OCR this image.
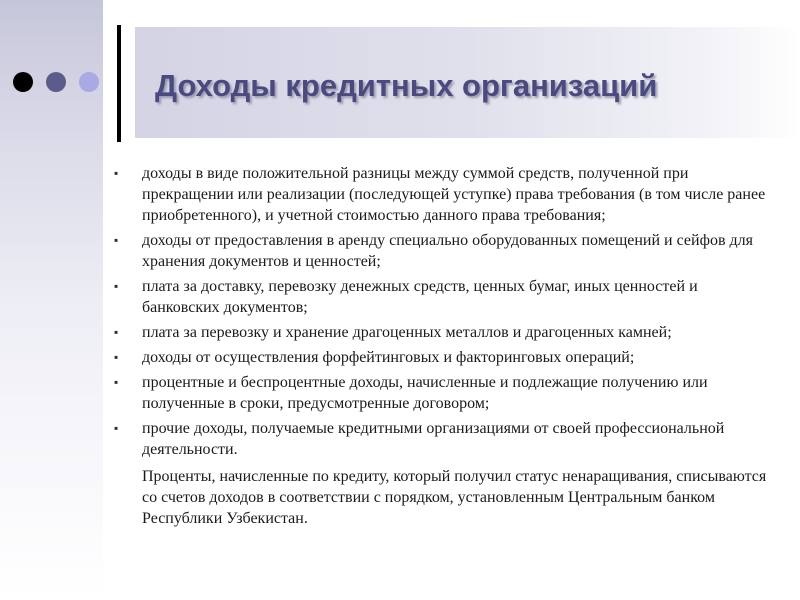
Доходы кредитных организаций
▪ доходы в виде положительной разницы между суммой средств, полученной при прекращении или реализации (последующей уступке) права требования (в том числе ранее приобретенного), и учетной стоимостью данного права требования;
▪ доходы от предоставления в аренду специально оборудованных помещений и сейфов для хранения документов и ценностей;
▪ плата за доставку, перевозку денежных средств, ценных бумаг, иных ценностей и банковских документов;
▪ плата за перевозку и хранение драгоценных металлов и драгоценных камней;
▪ доходы от осуществления форфейтинговых и факторинговых операций;
▪ процентные и беспроцентные доходы, начисленные и подлежащие получению или полученные в сроки, предусмотренные договором;
▪ прочие доходы, получаемые кредитными организациями от своей профессиональной деятельности.
Проценты, начисленные по кредиту, который получил статус ненаращивания, списываются со счетов доходов в соответствии с порядком, установленным Центральным банком Республики Узбекистан.
